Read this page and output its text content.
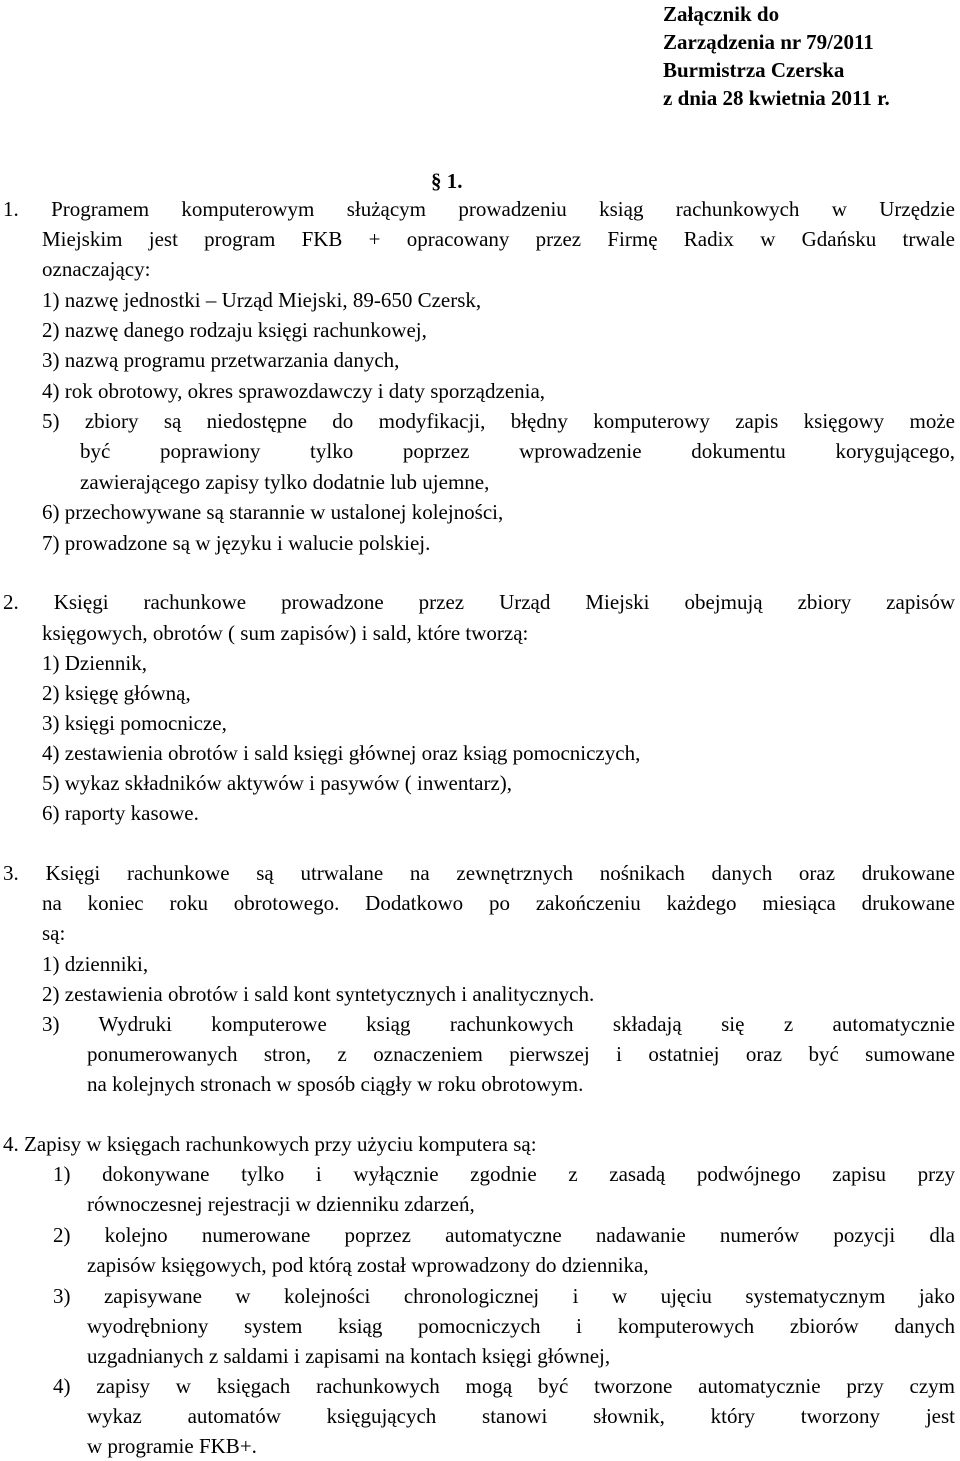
Załącznik do
Zarządzenia nr 79/2011
Burmistrza Czerska
z dnia 28 kwietnia 2011 r.
§ 1.
1. Programem komputerowym służącym prowadzeniu ksiąg rachunkowych w Urzędzie
Miejskim jest program FKB + opracowany przez Firmę Radix w Gdańsku trwale
oznaczający:
1) nazwę jednostki – Urząd Miejski, 89-650 Czersk,
2) nazwę danego rodzaju księgi rachunkowej,
3) nazwą programu przetwarzania danych,
4) rok obrotowy, okres sprawozdawczy i daty sporządzenia,
5) zbiory są niedostępne do modyfikacji, błędny komputerowy zapis księgowy może
być poprawiony tylko poprzez wprowadzenie dokumentu korygującego,
zawierającego zapisy tylko dodatnie lub ujemne,
6) przechowywane są starannie w ustalonej kolejności,
7) prowadzone są w języku i walucie polskiej.
2. Księgi rachunkowe prowadzone przez Urząd Miejski obejmują zbiory zapisów
księgowych, obrotów ( sum zapisów) i sald, które tworzą:
1) Dziennik,
2) księgę główną,
3) księgi pomocnicze,
4) zestawienia obrotów i sald księgi głównej oraz ksiąg pomocniczych,
5) wykaz składników aktywów i pasywów ( inwentarz),
6) raporty kasowe.
3. Księgi rachunkowe są utrwalane na zewnętrznych nośnikach danych oraz drukowane
na koniec roku obrotowego. Dodatkowo po zakończeniu każdego miesiąca drukowane
są:
1) dzienniki,
2) zestawienia obrotów i sald kont syntetycznych i analitycznych.
3) Wydruki komputerowe ksiąg rachunkowych składają się z automatycznie
ponumerowanych stron, z oznaczeniem pierwszej i ostatniej oraz być sumowane
na kolejnych stronach w sposób ciągły w roku obrotowym.
4. Zapisy w księgach rachunkowych przy użyciu komputera są:
1) dokonywane tylko i wyłącznie zgodnie z zasadą podwójnego zapisu przy
równoczesnej rejestracji w dzienniku zdarzeń,
2) kolejno numerowane poprzez automatyczne nadawanie numerów pozycji dla
zapisów księgowych, pod którą został wprowadzony do dziennika,
3) zapisywane w kolejności chronologicznej i w ujęciu systematycznym jako
wyodrębniony system ksiąg pomocniczych i komputerowych zbiorów danych
uzgadnianych z saldami i zapisami na kontach księgi głównej,
4) zapisy w księgach rachunkowych mogą być tworzone automatycznie przy czym
wykaz automatów księgujących stanowi słownik, który tworzony jest
w programie FKB+.
